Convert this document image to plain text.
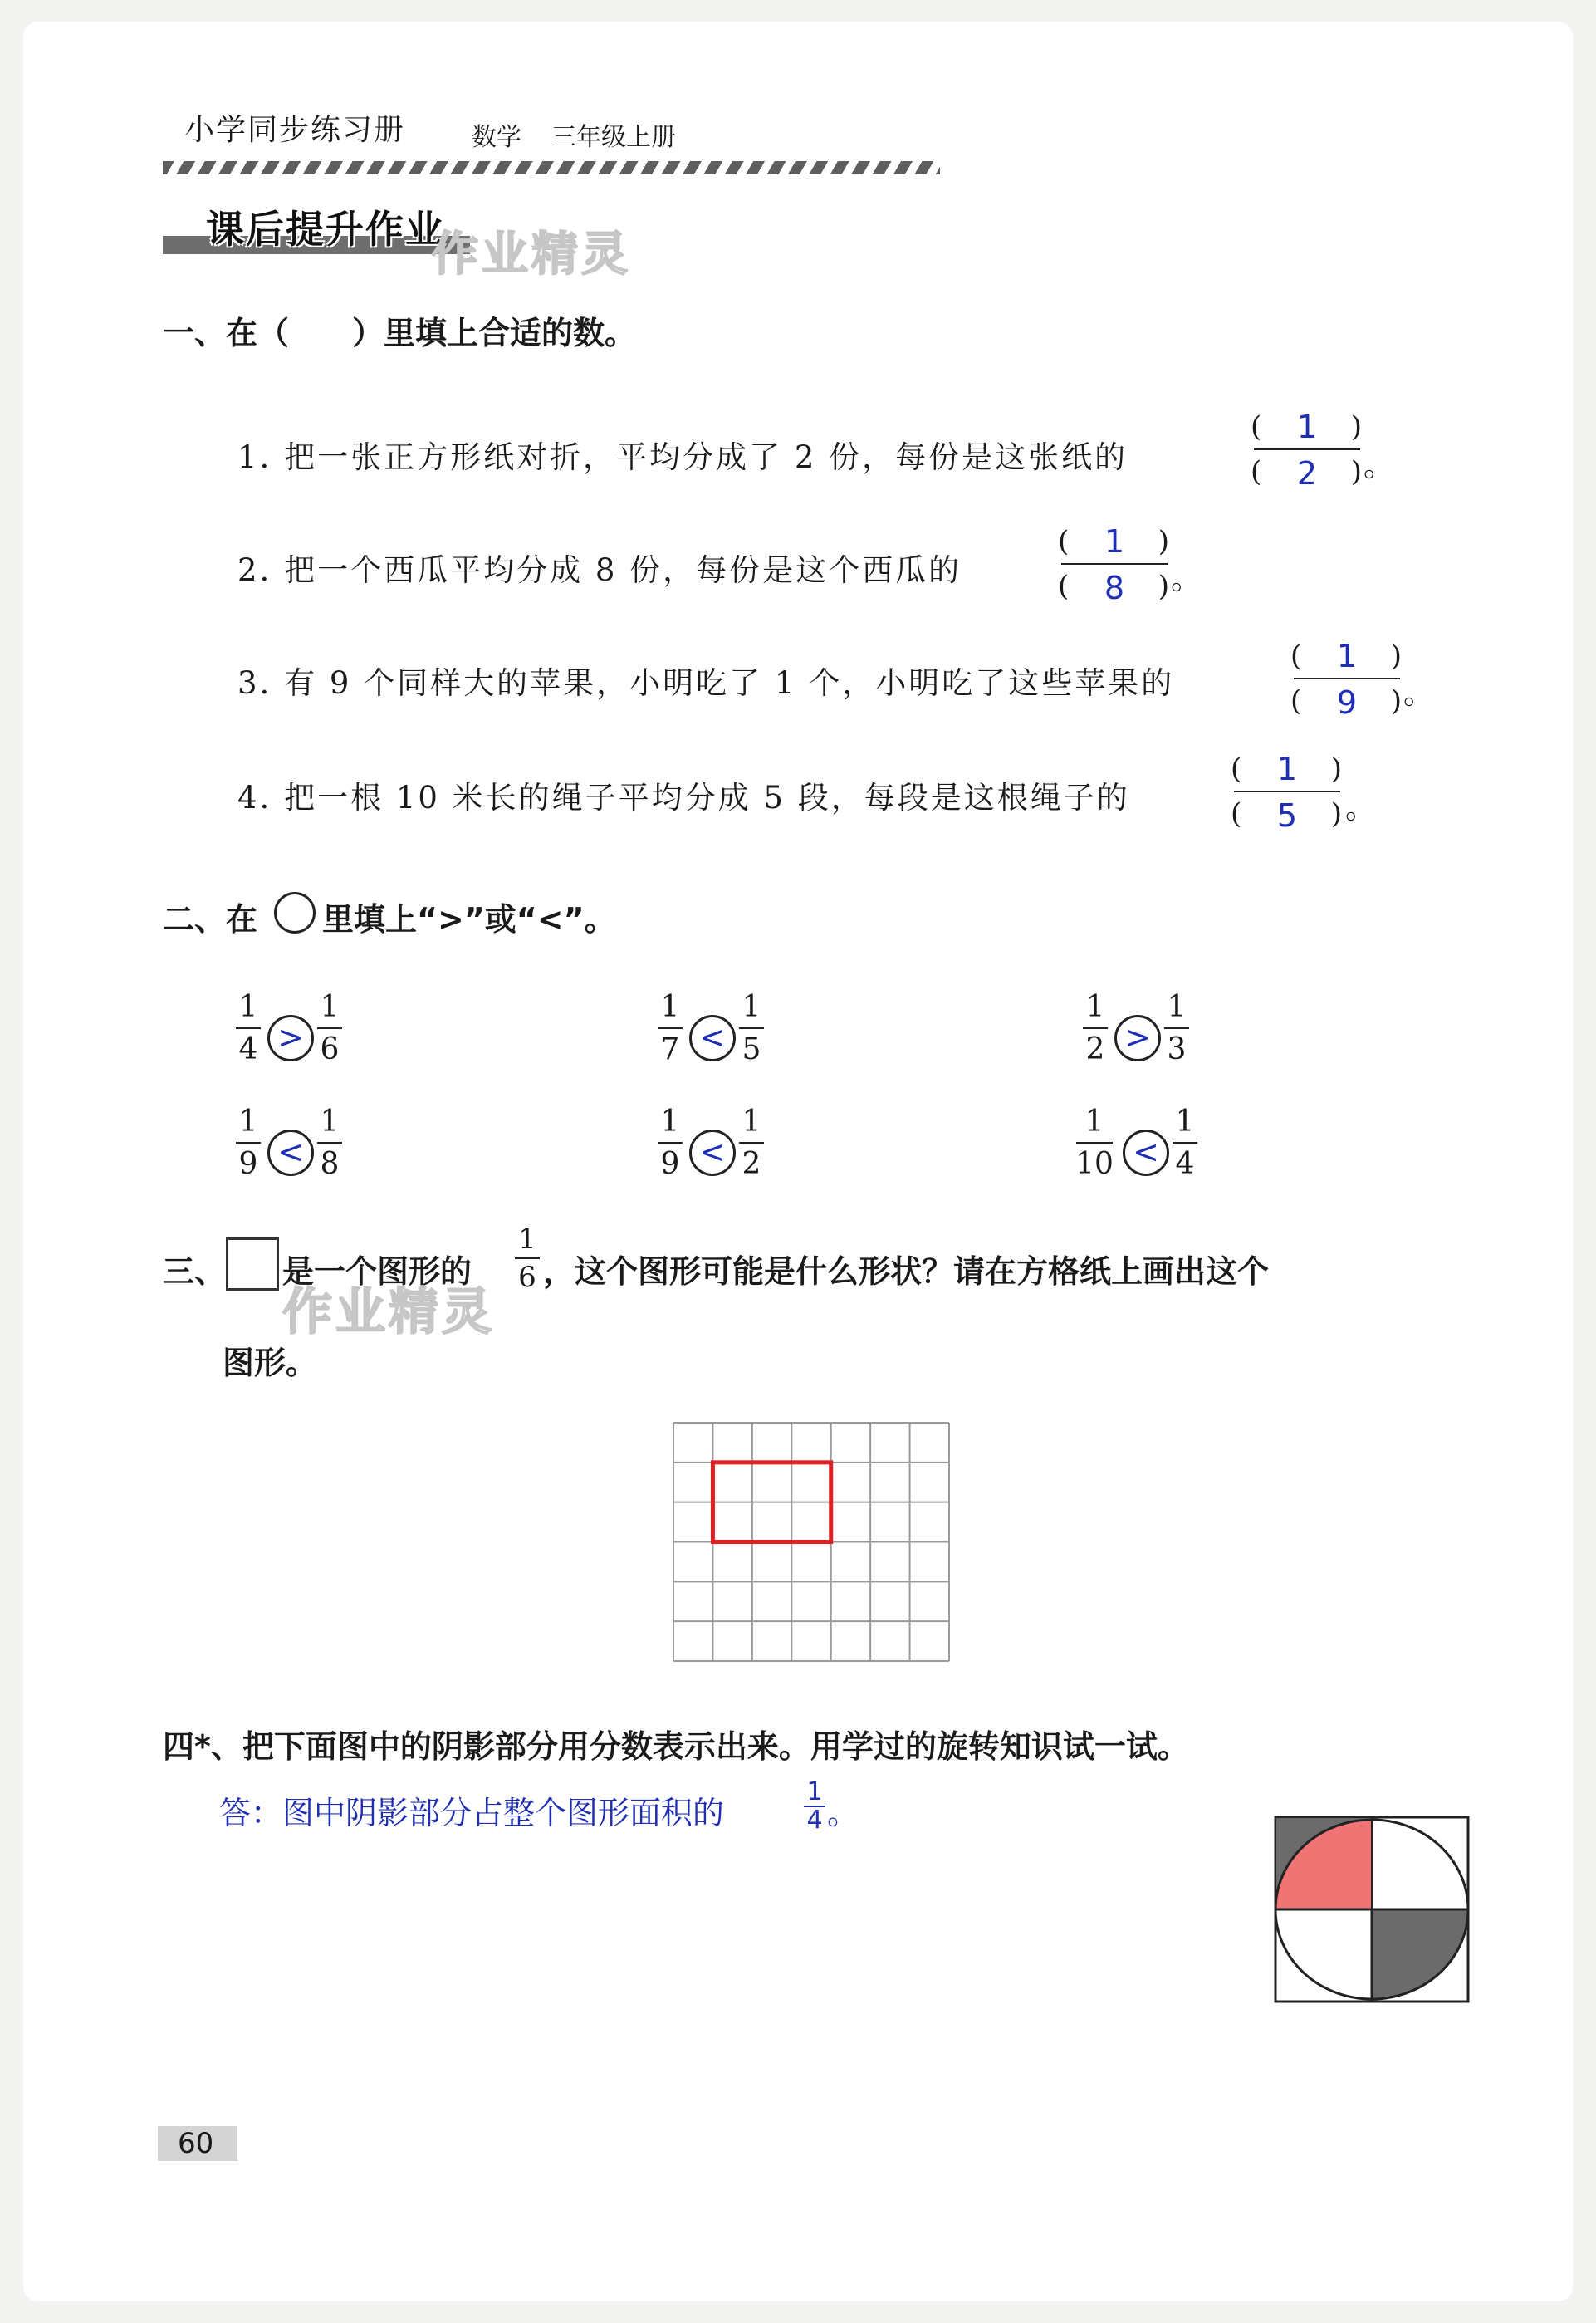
小学同步练习册	数学 三年级上册
课后提升作业
作业精灵
一、在（　　）里填上合适的数。
1. 把一张正方形纸对折，平均分成了 2 份，每份是这张纸的
(	)
1
(	)
2	。
2. 把一个西瓜平均分成 8 份，每份是这个西瓜的
(	)
1
(	)
8	。
3. 有 9 个同样大的苹果，小明吃了 1 个，小明吃了这些苹果的
(	)
1
(	)
9	。
4. 把一根 10 米长的绳子平均分成 5 段，每段是这根绳子的
(	)
1
(	)
5	。
二、在 里填上“>”或“<”。
1
4 >
1
6
1
7 <
1
5
1
2 >
1
3
1
9 <
1
8
1
9 <
1
2
1
10 <
1
4
三、 是一个图形的
1
6 ，这个图形可能是什么形状？请在方格纸上画出这个
作业精灵
图形。
四*、把下面图中的阴影部分用分数表示出来。用学过的旋转知识试一试。
答：图中阴影部分占整个图形面积的
1
4 。
60
